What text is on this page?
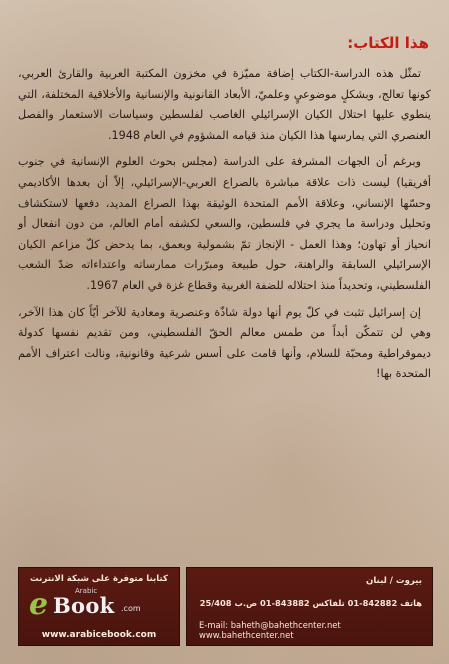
هذا الكتاب:

تمثّل هذه الدراسة-الكتاب إضافة مميّزة في مخزون المكتبة العربية والقارئ العربي، كونها تعالج، وبشكلٍ موضوعيٍ وعلميّ، الأبعاد القانونية والإنسانية والأخلاقية المختلفة، التي ينطوي عليها احتلال الكيان الإسرائيلي الغاصب لفلسطين وسياسات الاستعمار والفصل العنصري التي يمارسها هذا الكيان منذ قيامه المشؤوم في العام 1948.

وبرغم أن الجهات المشرفة على الدراسة (مجلس بحوث العلوم الإنسانية في جنوب أفريقيا) ليست ذات علاقة مباشرة بالصراع العربي-الإسرائيلي، إلاّ أن بعدها الأكاديمي وحسّها الإنساني، وعلاقة الأمم المتحدة الوثيقة بهذا الصراع المديد، دفعها لاستكشاف وتحليل ودراسة ما يجري في فلسطين، والسعي لكشفه أمام العالم، من دون انفعال أو انحياز أو تهاون؛ وهذا العمل - الإنجاز تمّ بشمولية وبعمق، بما يدحض كلّ مزاعم الكيان الإسرائيلي السابقة والراهنة، حول طبيعة ومبرّرات ممارساته واعتداءاته ضدّ الشعب الفلسطيني، وتحديداً منذ احتلاله للضفة الغربية وقطاع غزة في العام 1967.

إن إسرائيل تثبت في كلّ يوم أنها دولة شاذّة وعنصرية ومعادية للآخر أيّاً كان هذا الآخر، وهي لن تتمكّن أبداً من طمس معالم الحقّ الفلسطيني، ومن تقديم نفسها كدولة ديموقراطية ومحبّة للسلام، وأنها قامت على أسس شرعية وقانونية، ونالت اعتراف الأمم المتحدة بها!

كتابنا متوفرة على شبكة الانترنت
e	Arabic
Book .com
www.arabicebook.com
بيروت / لبنان
هاتف 842882-01 تلفاكس 843882-01 ص.ب 25/408
E-mail: baheth@bahethcenter.net www.bahethcenter.net
